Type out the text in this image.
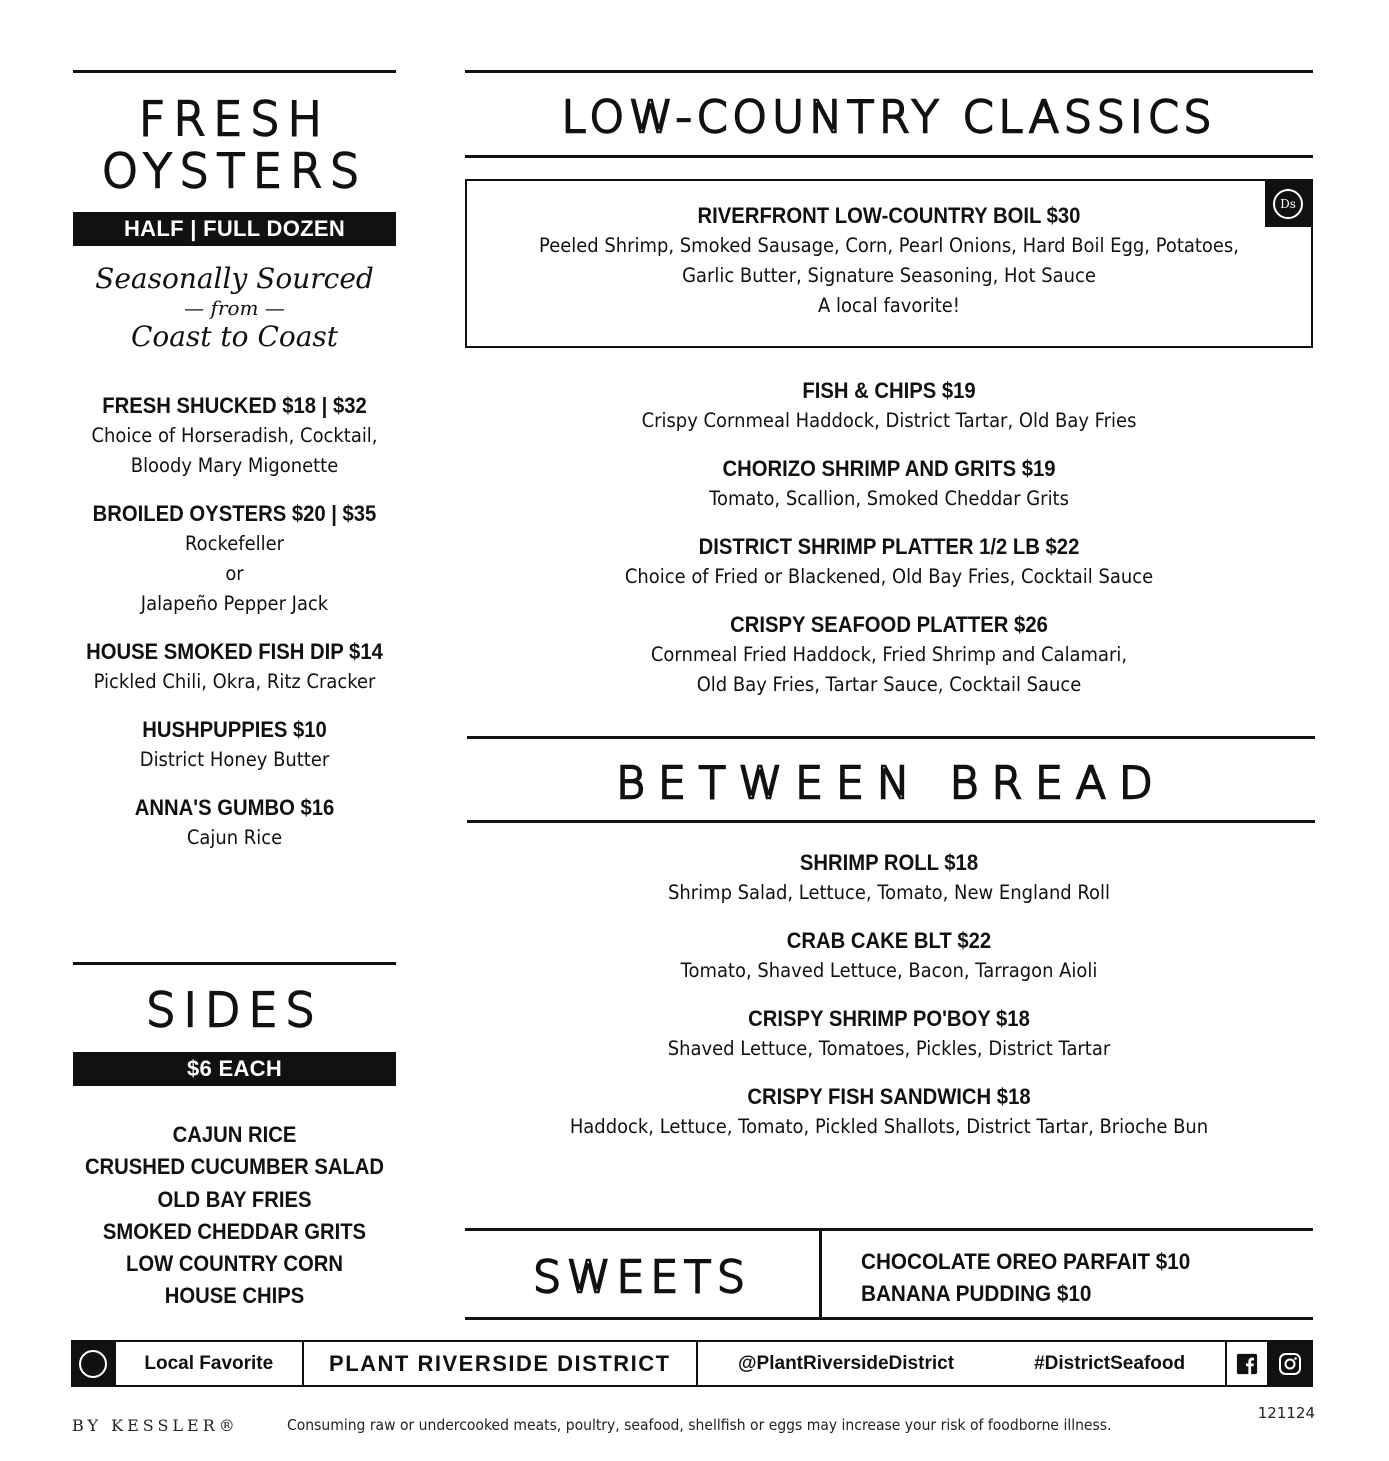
FRESH
OYSTERS
HALF | FULL DOZEN
Seasonally Sourced
— from —
Coast to Coast
FRESH SHUCKED $18 | $32
Choice of Horseradish, Cocktail,
Bloody Mary Migonette
BROILED OYSTERS $20 | $35
Rockefeller
or
Jalapeño Pepper Jack
HOUSE SMOKED FISH DIP $14
Pickled Chili, Okra, Ritz Cracker
HUSHPUPPIES $10
District Honey Butter
ANNA'S GUMBO $16
Cajun Rice
SIDES
$6 EACH
CAJUN RICE
CRUSHED CUCUMBER SALAD
OLD BAY FRIES
SMOKED CHEDDAR GRITS
LOW COUNTRY CORN
HOUSE CHIPS
LOW-COUNTRY CLASSICS
Ds
RIVERFRONT LOW-COUNTRY BOIL $30
Peeled Shrimp, Smoked Sausage, Corn, Pearl Onions, Hard Boil Egg, Potatoes,
Garlic Butter, Signature Seasoning, Hot Sauce
A local favorite!
FISH & CHIPS $19
Crispy Cornmeal Haddock, District Tartar, Old Bay Fries
CHORIZO SHRIMP AND GRITS $19
Tomato, Scallion, Smoked Cheddar Grits
DISTRICT SHRIMP PLATTER 1/2 LB $22
Choice of Fried or Blackened, Old Bay Fries, Cocktail Sauce
CRISPY SEAFOOD PLATTER $26
Cornmeal Fried Haddock, Fried Shrimp and Calamari,
Old Bay Fries, Tartar Sauce, Cocktail Sauce
BETWEEN BREAD
SHRIMP ROLL $18
Shrimp Salad, Lettuce, Tomato, New England Roll
CRAB CAKE BLT $22
Tomato, Shaved Lettuce, Bacon, Tarragon Aioli
CRISPY SHRIMP PO'BOY $18
Shaved Lettuce, Tomatoes, Pickles, District Tartar
CRISPY FISH SANDWICH $18
Haddock, Lettuce, Tomato, Pickled Shallots, District Tartar, Brioche Bun
SWEETS	CHOCOLATE OREO PARFAIT $10
BANANA PUDDING $10
Ds	Local Favorite	PLANT RIVERSIDE DISTRICT	@PlantRiversideDistrict	#DistrictSeafood
BY KESSLER®	Consuming raw or undercooked meats, poultry, seafood, shellfish or eggs may increase your risk of foodborne illness.
121124
